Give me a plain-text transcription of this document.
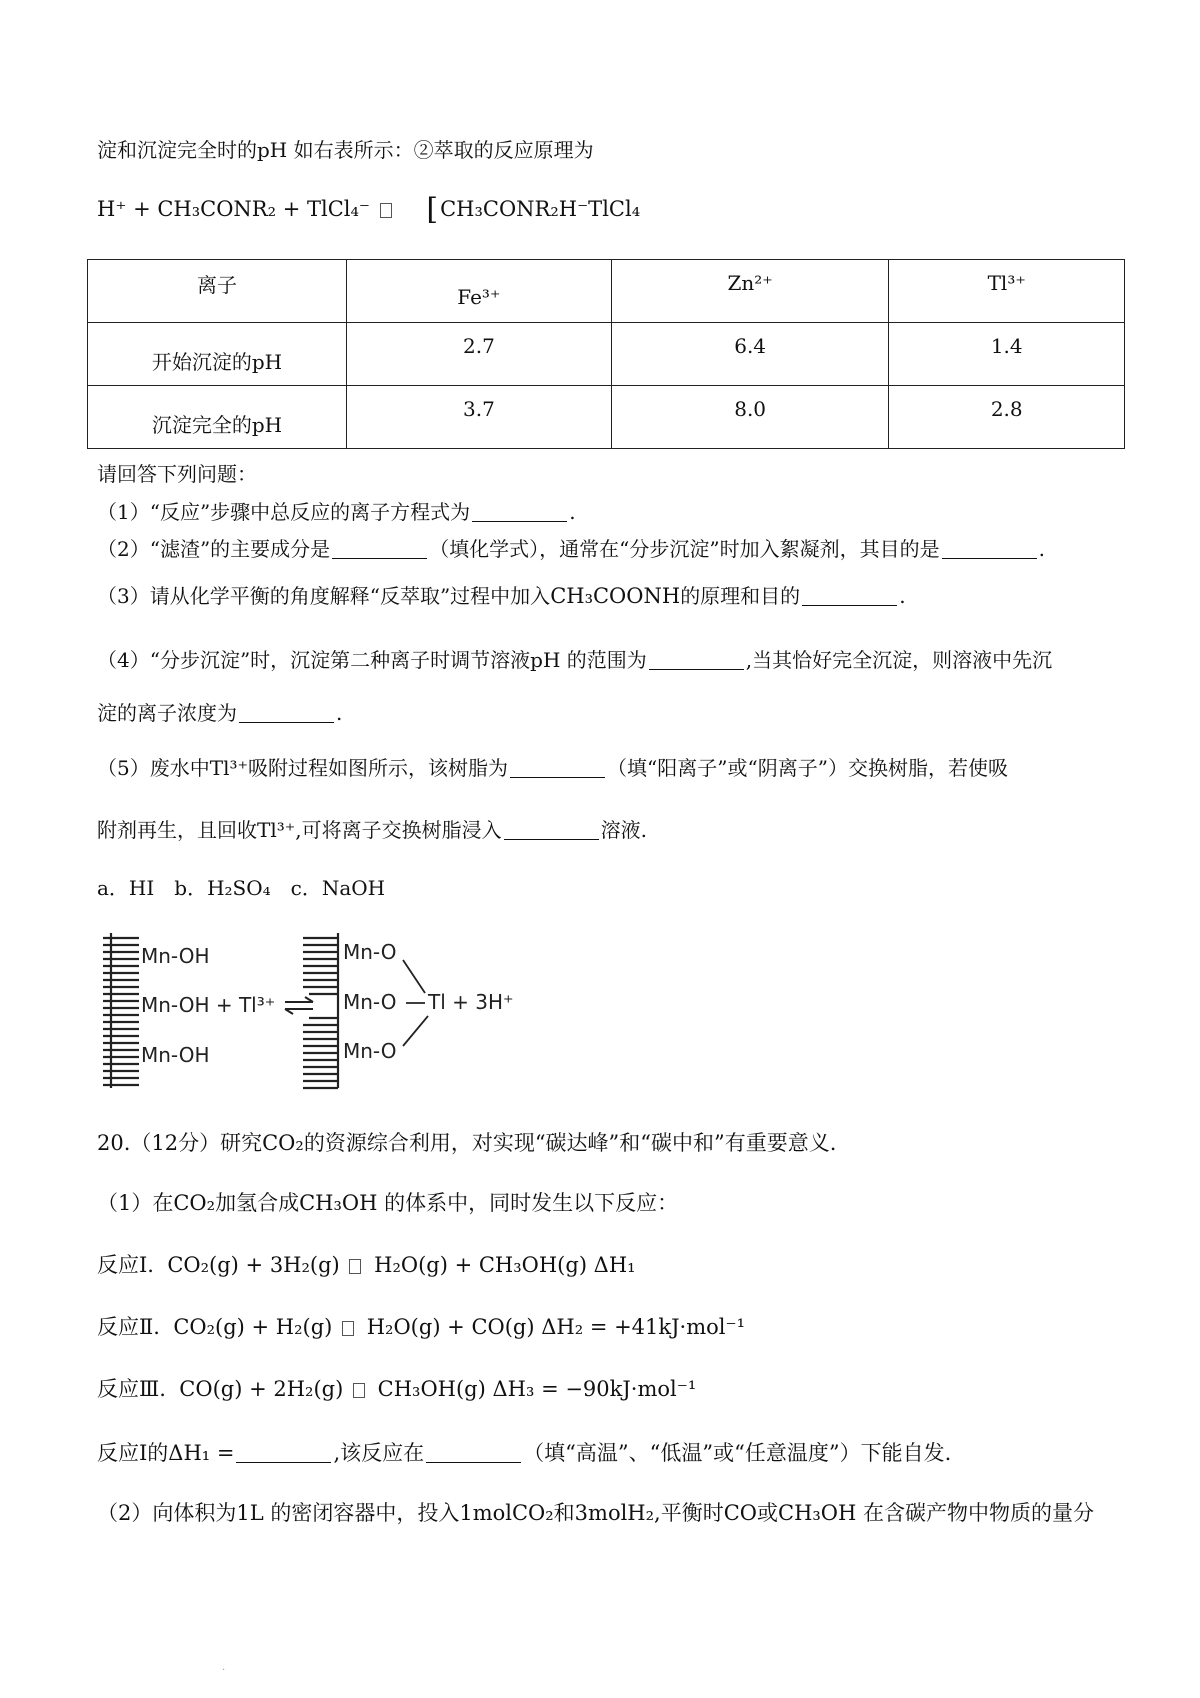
淀和沉淀完全时的pH 如右表所示：②萃取的反应原理为
H⁺ + CH₃CONR₂ + TlCl₄⁻ [CH₃CONR₂H⁻TlCl₄
离子	Fe³⁺	Zn²⁺	Tl³⁺
开始沉淀的pH	2.7	6.4	1.4
沉淀完全的pH	3.7	8.0	2.8
请回答下列问题：
（1）“反应”步骤中总反应的离子方程式为	.
（2）“滤渣”的主要成分是	（填化学式），通常在“分步沉淀”时加入絮凝剂，其目的是	.
（3）请从化学平衡的角度解释“反萃取”过程中加入CH₃COONH的原理和目的	.
（4）“分步沉淀”时，沉淀第二种离子时调节溶液pH 的范围为	,当其恰好完全沉淀，则溶液中先沉
淀的离子浓度为	.
（5）废水中Tl³⁺吸附过程如图所示，该树脂为	（填“阳离子”或“阴离子”）交换树脂，若使吸
附剂再生，且回收Tl³⁺,可将离子交换树脂浸入	溶液.
a．HI　b．H₂SO₄　c．NaOH
Mn-OH
Mn-OH + Tl³⁺
Mn-OH
Mn-O
Mn-O
Mn-O
Tl + 3H⁺
20.（12分）研究CO₂的资源综合利用，对实现“碳达峰”和“碳中和”有重要意义.
（1）在CO₂加氢合成CH₃OH 的体系中，同时发生以下反应：
反应Ⅰ. CO₂(g) + 3H₂(g) H₂O(g) + CH₃OH(g) ΔH₁
反应Ⅱ. CO₂(g) + H₂(g) H₂O(g) + CO(g) ΔH₂ = +41kJ·mol⁻¹
反应Ⅲ. CO(g) + 2H₂(g) CH₃OH(g) ΔH₃ = −90kJ·mol⁻¹
反应Ⅰ的ΔH₁ =	,该反应在	（填“高温”、“低温”或“任意温度”）下能自发.
（2）向体积为1L 的密闭容器中，投入1molCO₂和3molH₂,平衡时CO或CH₃OH 在含碳产物中物质的量分
.
